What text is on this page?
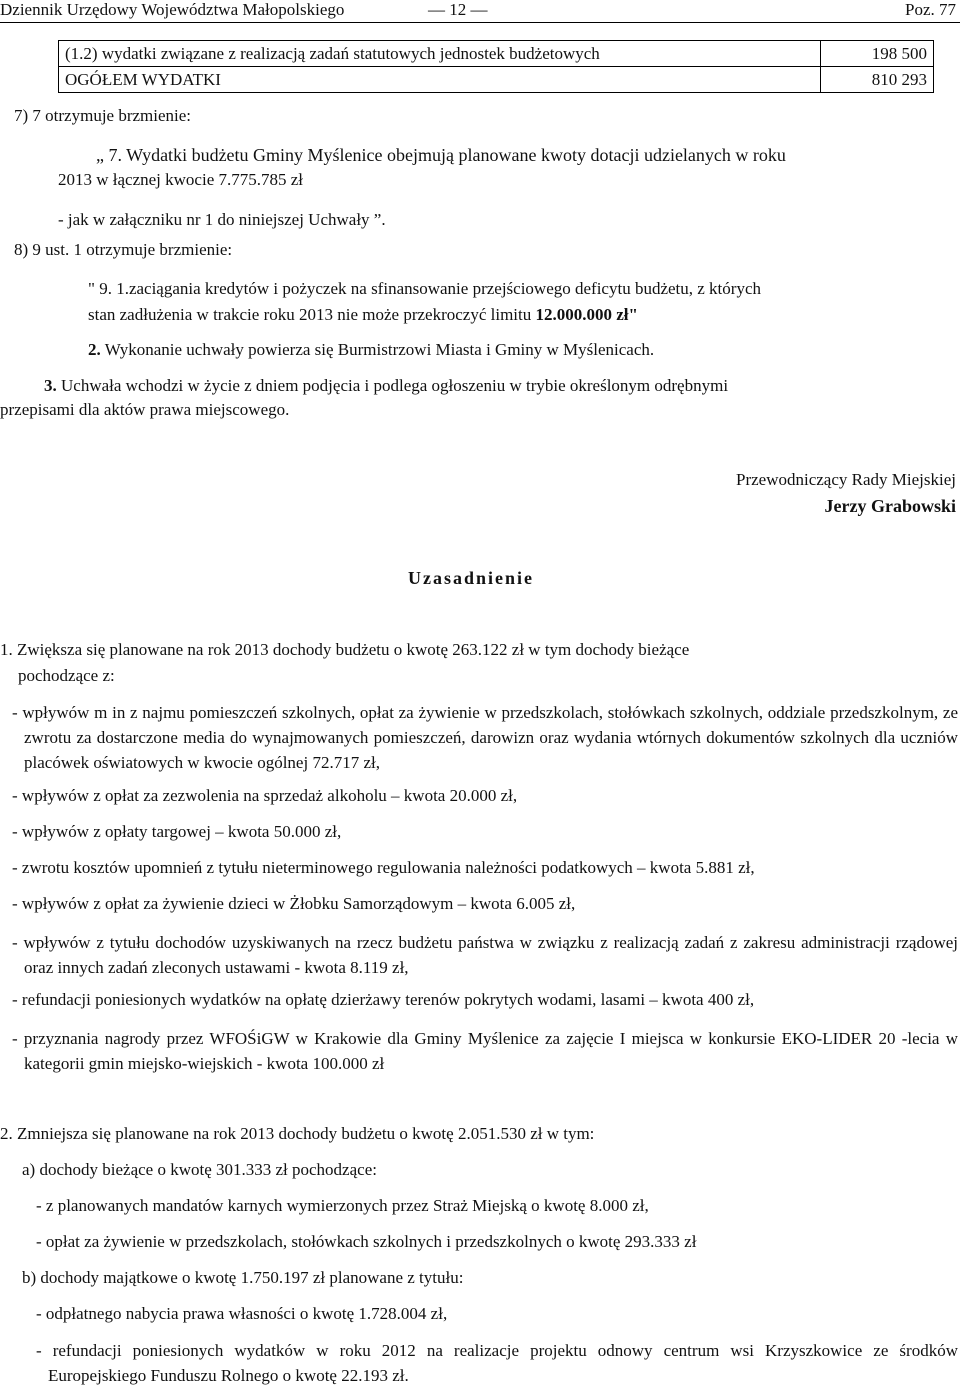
Dziennik Urzędowy Województwa Małopolskiego	— 12 —	Poz. 77
(1.2) wydatki związane z realizacją zadań statutowych jednostek budżetowych	198 500
OGÓŁEM WYDATKI	810 293
7) 7 otrzymuje brzmienie:
„ 7. Wydatki budżetu Gminy Myślenice obejmują planowane kwoty dotacji udzielanych w roku
2013 w łącznej kwocie 7.775.785 zł
- jak w załączniku nr 1 do niniejszej Uchwały ”.
8) 9 ust. 1 otrzymuje brzmienie:
" 9. 1.zaciągania kredytów i pożyczek na sfinansowanie przejściowego deficytu budżetu, z których
stan zadłużenia w trakcie roku 2013 nie może przekroczyć limitu 12.000.000 zł"
2. Wykonanie uchwały powierza się Burmistrzowi Miasta i Gminy w Myślenicach.
3. Uchwała wchodzi w życie z dniem podjęcia i podlega ogłoszeniu w trybie określonym odrębnymi
przepisami dla aktów prawa miejscowego.
Przewodniczący Rady Miejskiej
Jerzy Grabowski
Uzasadnienie
1. Zwiększa się planowane na rok 2013 dochody budżetu o kwotę 263.122 zł w tym dochody bieżące
pochodzące z:
- wpływów m in z najmu pomieszczeń szkolnych, opłat za żywienie w przedszkolach, stołówkach szkolnych, oddziale przedszkolnym, ze zwrotu za dostarczone media do wynajmowanych pomieszczeń, darowizn oraz wydania wtórnych dokumentów szkolnych dla uczniów placówek oświatowych w kwocie ogólnej 72.717 zł,
- wpływów z opłat za zezwolenia na sprzedaż alkoholu – kwota 20.000 zł,
- wpływów z opłaty targowej – kwota 50.000 zł,
- zwrotu kosztów upomnień z tytułu nieterminowego regulowania należności podatkowych – kwota 5.881 zł,
- wpływów z opłat za żywienie dzieci w Żłobku Samorządowym – kwota 6.005 zł,
- wpływów z tytułu dochodów uzyskiwanych na rzecz budżetu państwa w związku z realizacją zadań z zakresu administracji rządowej oraz innych zadań zleconych ustawami - kwota 8.119 zł,
- refundacji poniesionych wydatków na opłatę dzierżawy terenów pokrytych wodami, lasami – kwota 400 zł,
- przyznania nagrody przez WFOŚiGW w Krakowie dla Gminy Myślenice za zajęcie I miejsca w konkursie EKO-LIDER 20 -lecia w kategorii gmin miejsko-wiejskich - kwota 100.000 zł
2. Zmniejsza się planowane na rok 2013 dochody budżetu o kwotę 2.051.530 zł w tym:
a) dochody bieżące o kwotę 301.333 zł pochodzące:
- z planowanych mandatów karnych wymierzonych przez Straż Miejską o kwotę 8.000 zł,
- opłat za żywienie w przedszkolach, stołówkach szkolnych i przedszkolnych o kwotę 293.333 zł
b) dochody majątkowe o kwotę 1.750.197 zł planowane z tytułu:
- odpłatnego nabycia prawa własności o kwotę 1.728.004 zł,
- refundacji poniesionych wydatków w roku 2012 na realizacje projektu odnowy centrum wsi Krzyszkowice ze środków Europejskiego Funduszu Rolnego o kwotę 22.193 zł.
